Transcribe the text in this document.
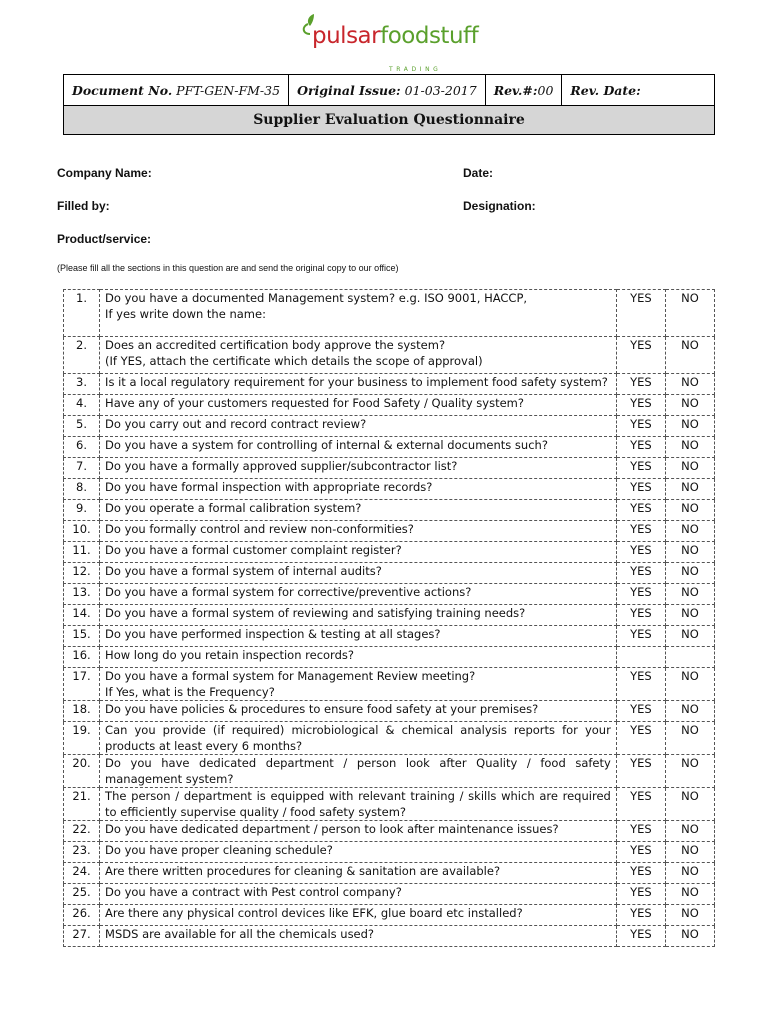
pulsarfoodstuff
TRADING
Document No. PFT-GEN-FM-35	Original Issue: 01-03-2017	Rev.#:00	Rev. Date:
Supplier Evaluation Questionnaire
Company Name:	Date:
Filled by:	Designation:
Product/service:
(Please fill all the sections in this question are and send the original copy to our office)
1.	Do you have a documented Management system? e.g. ISO 9001, HACCP,
If yes write down the name:	YES	NO
2.	Does an accredited certification body approve the system?
(If YES, attach the certificate which details the scope of approval)	YES	NO
3.	Is it a local regulatory requirement for your business to implement food safety system?	YES	NO
4.	Have any of your customers requested for Food Safety / Quality system?	YES	NO
5.	Do you carry out and record contract review?	YES	NO
6.	Do you have a system for controlling of internal & external documents such?	YES	NO
7.	Do you have a formally approved supplier/subcontractor list?	YES	NO
8.	Do you have formal inspection with appropriate records?	YES	NO
9.	Do you operate a formal calibration system?	YES	NO
10.	Do you formally control and review non-conformities?	YES	NO
11.	Do you have a formal customer complaint register?	YES	NO
12.	Do you have a formal system of internal audits?	YES	NO
13.	Do you have a formal system for corrective/preventive actions?	YES	NO
14.	Do you have a formal system of reviewing and satisfying training needs?	YES	NO
15.	Do you have performed inspection & testing at all stages?	YES	NO
16.	How long do you retain inspection records?		

17.	Do you have a formal system for Management Review meeting?
If Yes, what is the Frequency?	YES	NO
18.	Do you have policies & procedures to ensure food safety at your premises?	YES	NO
19.	Can you provide (if required) microbiological & chemical analysis reports for your
products at least every 6 months?	YES	NO
20.	Do you have dedicated department / person look after Quality / food safety
management system?	YES	NO
21.	The person / department is equipped with relevant training / skills which are required
to efficiently supervise quality / food safety system?	YES	NO
22.	Do you have dedicated department / person to look after maintenance issues?	YES	NO
23.	Do you have proper cleaning schedule?	YES	NO
24.	Are there written procedures for cleaning & sanitation are available?	YES	NO
25.	Do you have a contract with Pest control company?	YES	NO
26.	Are there any physical control devices like EFK, glue board etc installed?	YES	NO
27.	MSDS are available for all the chemicals used?	YES	NO
